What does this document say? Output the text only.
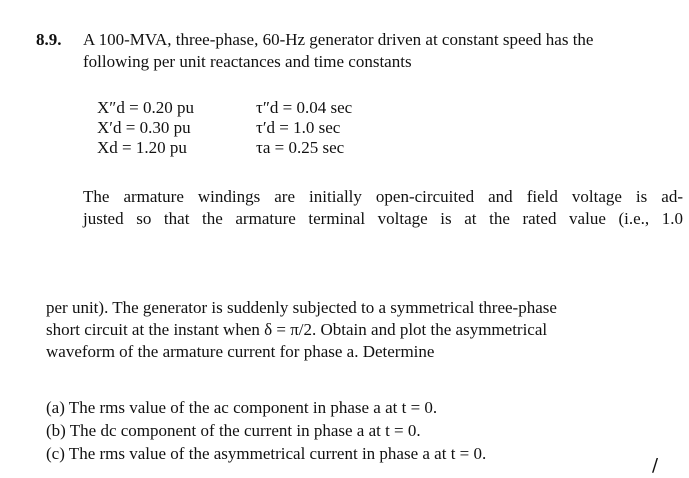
8.9. A 100-MVA, three-phase, 60-Hz generator driven at constant speed has the
following per unit reactances and time constants
X″d = 0.20 pu
X′d = 0.30 pu
Xd = 1.20 pu
τ″d = 0.04 sec
τ′d = 1.0 sec
τa = 0.25 sec
The armature windings are initially open-circuited and field voltage is ad-
justed so that the armature terminal voltage is at the rated value (i.e., 1.0
per unit). The generator is suddenly subjected to a symmetrical three-phase
short circuit at the instant when δ = π/2. Obtain and plot the asymmetrical
waveform of the armature current for phase a. Determine
(a) The rms value of the ac component in phase a at t = 0.
(b) The dc component of the current in phase a at t = 0.
(c) The rms value of the asymmetrical current in phase a at t = 0.
/
